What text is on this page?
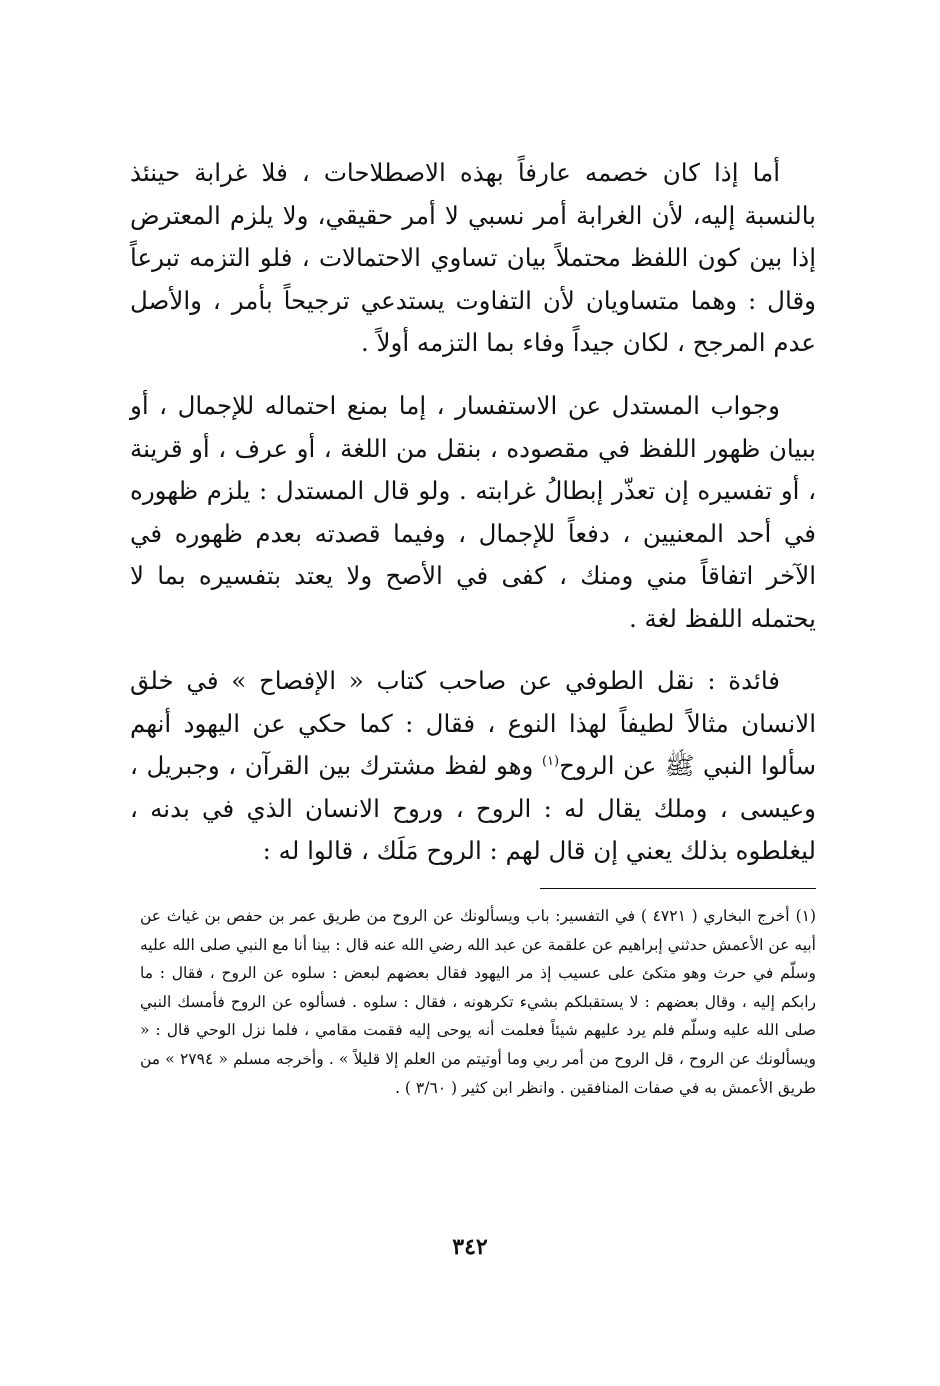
أما إذا كان خصمه عارفاً بهذه الاصطلاحات ، فلا غرابة حينئذ بالنسبة إليه، لأن الغرابة أمر نسبي لا أمر حقيقي، ولا يلزم المعترض إذا بين كون اللفظ محتملاً بيان تساوي الاحتمالات ، فلو التزمه تبرعاً وقال : وهما متساويان لأن التفاوت يستدعي ترجيحاً بأمر ، والأصل عدم المرجح ، لكان جيداً وفاء بما التزمه أولاً .

وجواب المستدل عن الاستفسار ، إما بمنع احتماله للإجمال ، أو ببيان ظهور اللفظ في مقصوده ، بنقل من اللغة ، أو عرف ، أو قرينة ، أو تفسيره إن تعذّر إبطالُ غرابته . ولو قال المستدل : يلزم ظهوره في أحد المعنيين ، دفعاً للإجمال ، وفيما قصدته بعدم ظهوره في الآخر اتفاقاً مني ومنك ، كفى في الأصح ولا يعتد بتفسيره بما لا يحتمله اللفظ لغة .

فائدة : نقل الطوفي عن صاحب كتاب « الإفصاح » في خلق الانسان مثالاً لطيفاً لهذا النوع ، فقال : كما حكي عن اليهود أنهم سألوا النبي ﷺ عن الروح$^{(١)}$ وهو لفظ مشترك بين القرآن ، وجبريل ، وعيسى ، وملك يقال له : الروح ، وروح الانسان الذي في بدنه ، ليغلطوه بذلك يعني إن قال لهم : الروح مَلَك ، قالوا له :

(١)أخرج البخاري ( ٤٧٢١ ) في التفسير: باب ويسألونك عن الروح من طريق عمر بن حفص بن غياث عن أبيه عن الأعمش حدثني إبراهيم عن علقمة عن عبد الله رضي الله عنه قال : بينا أنا مع النبي صلى الله عليه وسلّم في حرث وهو متكئ على عسيب إذ مر اليهود فقال بعضهم لبعض : سلوه عن الروح ، فقال : ما رابكم إليه ، وقال بعضهم : لا يستقبلكم بشيء تكرهونه ، فقال : سلوه . فسألوه عن الروح فأمسك النبي صلى الله عليه وسلّم فلم يرد عليهم شيئاً فعلمت أنه يوحى إليه فقمت مقامي ، فلما نزل الوحي قال : « ويسألونك عن الروح ، قل الروح من أمر ربي وما أوتيتم من العلم إلا قليلاً » . وأخرجه مسلم « ٢٧٩٤ » من طريق الأعمش به في صفات المنافقين . وانظر ابن كثير ( ٣/٦٠ ) .

٣٤٢
